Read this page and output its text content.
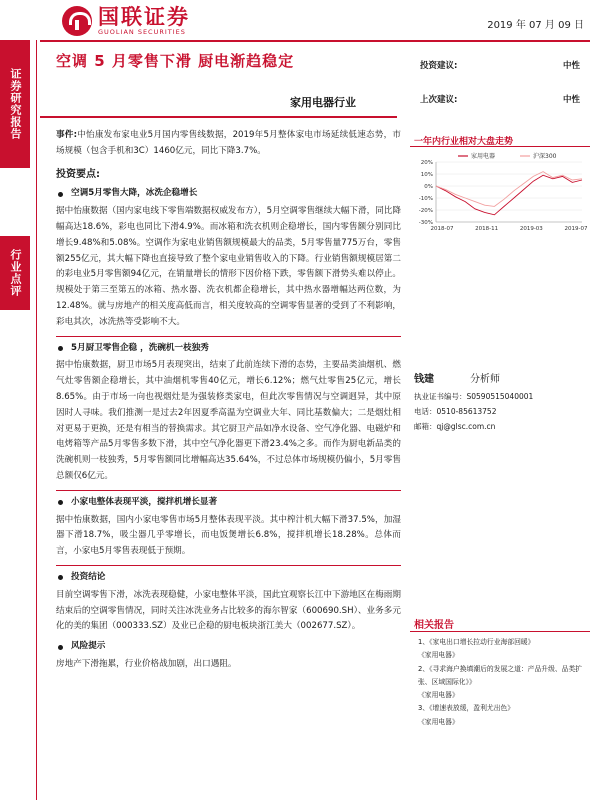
国联证券
GUOLIAN SECURITIES
2019 年 07 月 09 日
证券研究报告
行业点评
空调 5 月零售下滑 厨电渐趋稳定
家用电器行业

事件:中怡康发布家电业5月国内零售线数据，2019年5月整体家电市场延续低速态势，市场规模（包含手机和3C）1460亿元，同比下降3.7%。

投资要点:
空调5月零售大降，冰洗企稳增长

据中怡康数据（国内家电线下零售端数据权威发布方），5月空调零售继续大幅下滑，同比降幅高达18.6%，彩电也同比下滑4.9%。而冰箱和洗衣机则企稳增长，国内零售额分别同比增长9.48%和5.08%。空调作为家电业销售额规模最大的品类，5月零售量775万台，零售额255亿元，其大幅下降也直接导致了整个家电业销售收入的下降。行业销售额规模居第二的彩电业5月零售额94亿元，在销量增长的情形下因价格下跌，零售额下滑势头难以停止。规模处于第三至第五的冰箱、热水器、洗衣机都企稳增长，其中热水器增幅达两位数，为12.48%。就与房地产的相关度高低而言，相关度较高的空调零售显著的受到了不利影响，彩电其次，冰洗热等受影响不大。

5月厨卫零售企稳 ，洗碗机一枝独秀

据中怡康数据，厨卫市场5月表现突出，结束了此前连续下滑的态势，主要品类油烟机、燃气灶零售额企稳增长，其中油烟机零售40亿元，增长6.12%；燃气灶零售25亿元，增长8.65%。由于市场一向也视烟灶是为强装修类家电，但此次零售情况与空调迥异，其中原因时人寻味。我们推测一是过去2年因夏季高温为空调业大年、同比基数偏大；二是烟灶相对更易于更换，还是有相当的替换需求。其它厨卫产品如净水设备、空气净化器、电磁炉和电烤箱等产品5月零售多数下滑，其中空气净化器更下滑23.4%之多。而作为厨电新品类的洗碗机则一枝独秀，5月零售额同比增幅高达35.64%，不过总体市场规模仍偏小，5月零售总额仅6亿元。

小家电整体表现平淡，搅拌机增长显著

据中怡康数据，国内小家电零售市场5月整体表现平淡。其中榨汁机大幅下滑37.5%，加湿器下滑18.7%，吸尘器几乎零增长，而电饭煲增长6.8%，搅拌机增长18.28%。总体而言，小家电5月零售表现低于预期。

投资结论

目前空调零售下滑，冰洗表现稳健，小家电整体平淡，国此宜观察长江中下游地区在梅雨期结束后的空调零售情况，同时关注冰洗业务占比较多的海尔智家（600690.SH）、业务多元化的美的集团（000333.SZ）及业已企稳的厨电板块浙江美大（002677.SZ）。

风险提示

房地产下滑拖累，行业价格战加剧，出口遇阻。

投资建议:	中性
上次建议:	中性
一年内行业相对大盘走势
20%
10%
0%
-10%
-20%
-30%
2018-07	2018-11	2019-03	2019-07
家用电器	沪深300
钱建	分析师
执业证书编号：S0590515040001
电话：0510-85613752
邮箱：qj@glsc.com.cn
相关报告
1、《家电出口增长拉动行业海部回暖》
《家用电器》
2、《寻求海户换填潮后的发展之道：产品升级、品类扩张、区域国际化》》
《家用电器》
3、《增速表放缓，盈利尤出色》
《家用电器》
